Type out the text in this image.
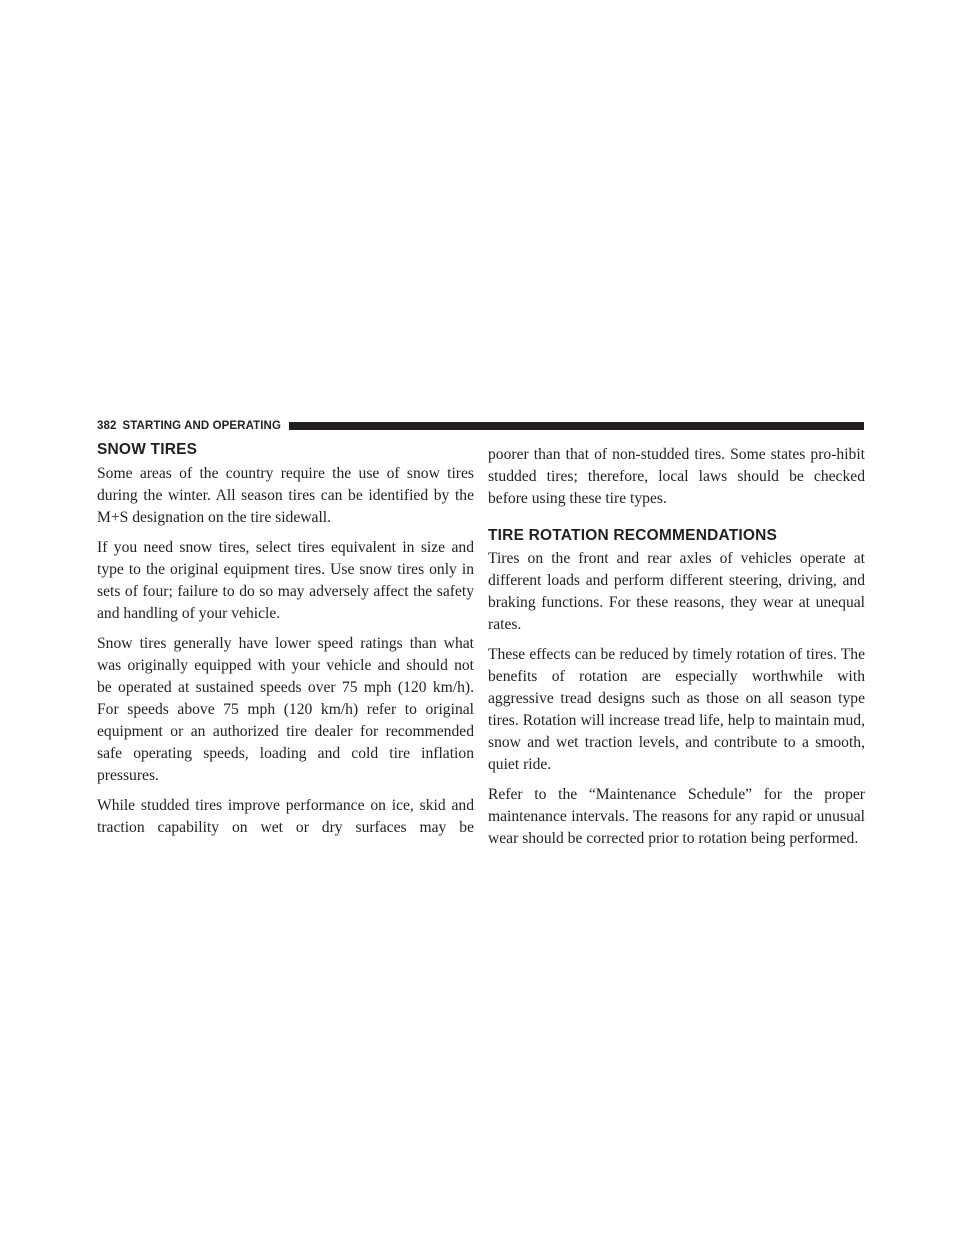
382 STARTING AND OPERATING
SNOW TIRES

Some areas of the country require the use of snow tires during the winter. All season tires can be identified by the M+S designation on the tire sidewall.

If you need snow tires, select tires equivalent in size and type to the original equipment tires. Use snow tires only in sets of four; failure to do so may adversely affect the safety and handling of your vehicle.

Snow tires generally have lower speed ratings than what was originally equipped with your vehicle and should not be operated at sustained speeds over 75 mph (120 km/h). For speeds above 75 mph (120 km/h) refer to original equipment or an authorized tire dealer for recommended safe operating speeds, loading and cold tire inflation pressures.

While studded tires improve performance on ice, skid and traction capability on wet or dry surfaces may be

poorer than that of non-studded tires. Some states pro-hibit studded tires; therefore, local laws should be checked before using these tire types.

TIRE ROTATION RECOMMENDATIONS

Tires on the front and rear axles of vehicles operate at different loads and perform different steering, driving, and braking functions. For these reasons, they wear at unequal rates.

These effects can be reduced by timely rotation of tires. The benefits of rotation are especially worthwhile with aggressive tread designs such as those on all season type tires. Rotation will increase tread life, help to maintain mud, snow and wet traction levels, and contribute to a smooth, quiet ride.

Refer to the “Maintenance Schedule” for the proper maintenance intervals. The reasons for any rapid or unusual wear should be corrected prior to rotation being performed.
